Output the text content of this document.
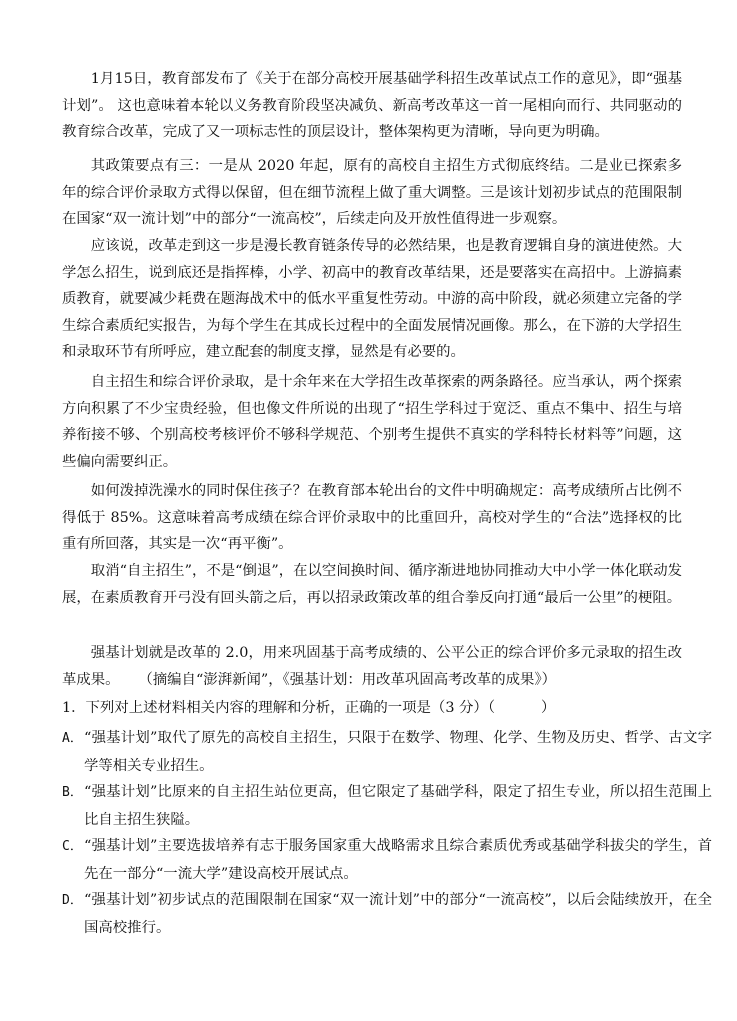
1月15日，教育部发布了《关于在部分高校开展基础学科招生改革试点工作的意见》，即“强基计划”。 这也意味着本轮以义务教育阶段坚决减负、新高考改革这一首一尾相向而行、共同驱动的教育综合改革，完成了又一项标志性的顶层设计，整体架构更为清晰，导向更为明确。
其政策要点有三：一是从 2020 年起，原有的高校自主招生方式彻底终结。二是业已探索多年的综合评价录取方式得以保留，但在细节流程上做了重大调整。三是该计划初步试点的范围限制在国家“双一流计划”中的部分“一流高校”，后续走向及开放性值得进一步观察。
应该说，改革走到这一步是漫长教育链条传导的必然结果，也是教育逻辑自身的演进使然。大学怎么招生，说到底还是指挥棒，小学、初高中的教育改革结果，还是要落实在高招中。上游搞素质教育，就要减少耗费在题海战术中的低水平重复性劳动。中游的高中阶段，就必须建立完备的学生综合素质纪实报告，为每个学生在其成长过程中的全面发展情况画像。那么，在下游的大学招生和录取环节有所呼应，建立配套的制度支撑，显然是有必要的。
自主招生和综合评价录取，是十余年来在大学招生改革探索的两条路径。应当承认，两个探索方向积累了不少宝贵经验，但也像文件所说的出现了“招生学科过于宽泛、重点不集中、招生与培养衔接不够、个别高校考核评价不够科学规范、个别考生提供不真实的学科特长材料等”问题，这些偏向需要纠正。
如何泼掉洗澡水的同时保住孩子？在教育部本轮出台的文件中明确规定：高考成绩所占比例不得低于 85%。这意味着高考成绩在综合评价录取中的比重回升，高校对学生的“合法”选择权的比重有所回落，其实是一次“再平衡”。
取消“自主招生”，不是“倒退”，在以空间换时间、循序渐进地协同推动大中小学一体化联动发展，在素质教育开弓没有回头箭之后，再以招录政策改革的组合拳反向打通“最后一公里”的梗阻。
强基计划就是改革的 2.0，用来巩固基于高考成绩的、公平公正的综合评价多元录取的招生改革成果。 （摘编自“澎湃新闻”，《强基计划：用改革巩固高考改革的成果》）
1．下列对上述材料相关内容的理解和分析，正确的一项是（3 分）（	）
A．“强基计划”取代了原先的高校自主招生，只限于在数学、物理、化学、生物及历史、哲学、古文字学等相关专业招生。
B．“强基计划”比原来的自主招生站位更高，但它限定了基础学科，限定了招生专业，所以招生范围上比自主招生狭隘。
C．“强基计划”主要选拔培养有志于服务国家重大战略需求且综合素质优秀或基础学科拔尖的学生，首先在一部分“一流大学”建设高校开展试点。
D．“强基计划”初步试点的范围限制在国家“双一流计划”中的部分“一流高校”，以后会陆续放开，在全国高校推行。
